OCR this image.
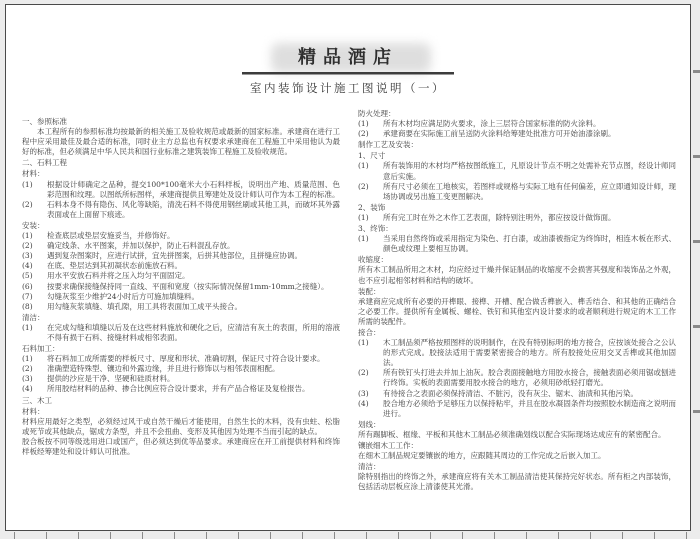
精品酒店
室内装饰设计施工图说明（一）
一、参照标准
本工程所有的参照标准均按最新的相关施工及验收规范或最新的国家标准。承建商在进行工程中应采用最佳及最合适的标准，同时业主方总监也有权要求承建商在工程施工中采用他认为最好的标准，但必须满足中华人民共和国行业标准之建筑装饰工程施工及验收规范。
二、石料工程
材料：
(1)	根据设计师确定之品种，提交100*100毫米大小石料样板，说明出产地、质量范围、色彩范围和纹理。以图纸所标图样，承建商提供且筹建处及设计师认可作为本工程的标准。
(2)	石料本身不得有隐伤、风化等缺陷，清洗石料不得使用钢丝刷或其他工具，而破坏其外露表面或在上面留下痕迹。
安装：
(1)	检查底层或垫层安施妥当，并修饰好。
(2)	确定线条、水平图案，并加以保护，防止石料混乱存放。
(3)	遇到复杂图案时，应进行试拼，宜先拼图案，后拼其他部位，且拼缝应协调。
(4)	在底、垫层达到其初凝状态前施放石料。
(5)	用水平安放石料并将之压入均匀平面固定。
(6)	按要求确保接缝保持同一直线、平面和宽度（按实际情况保留1mm-10mm之接缝）。
(7)	勾缝灰浆至少维护24小时后方可施加填缝料。
(8)	用勾缝灰浆填缝、填孔隙，用工具将表面加工成平头接合。
清洁：
(1)	在完成勾缝和填缝以后及在这些材料施放和硬化之后，应清洁有灰土的表面，所用的溶液不得有损于石料、接缝材料或相邻表面。
石料加工：
(1)	将石料加工成所需要的样板尺寸、厚度和形状、准确切割，保证尺寸符合设计要求。
(2)	准确塑造特殊型、镶边和外露边缘，并且进行修饰以与相邻表面相配。
(3)	提供的沙应是干净、坚硬和硅质材料。
(4)	所用胶结材料的品种、掺合比例应符合设计要求，并有产品合格证及复检报告。
三、木工
材料：
材料应用最好之类型，必须经过风干或自然干燥后才能使用，自然生长的木料，没有虫蛀、松脂或死节或其他缺点，锯成方条型，并且不会扭曲、变形及其他因为处理不当而引起的缺点。
胶合板按不同等级选用进口或国产，但必须达到优等品要求。承建商应在开工前提供材料和终饰样板经筹建处和设计师认可批准。
防火处理：
(1)	所有木材均应满足防火要求，涂上三层符合国家标准的防火涂料。
(2)	承建商要在实际施工前呈送防火涂料给筹建处批准方可开始油漆涂刷。
制作工艺及安装：
1、尺寸
(1)	所有装饰用的木材均严格按图纸施工，凡原设计节点不明之处需补充节点图，经设计师同意后实施。
(2)	所有尺寸必须在工地核实，若图样或规格与实际工地有任何偏差，应立即通知设计师，现场协调或另出施工变更图解决。
2、装饰
(1)	所有完工时在外之木作工艺表面，除特别注明外，都应按设计做饰面。
3、终饰：
(1)	当采用自然终饰或采用指定为染色、打白漆，或油漆被指定为终饰时，相连木板在形式、颜色或纹理上要相互协调。
收缩度：
所有木工制品所用之木材，均应经过干燥并保证制品的收缩度不会损害其强度和装饰品之外观，也不应引起相邻材料和结构的破坏。
装配：
承建商应完成所有必要的开榫眼、接榫、开槽、配合做舌榫嵌入、榫舌结合、和其他的正确结合之必要工作。提供所有金属板、螺栓、铁钉和其他室内设计要求的或者顺利进行规定的木工工作所需的装配件。
接合：
(1)	木工制品须严格按照图样的说明制作，在没有特别标明的地方接合，应按该处接合之公认的形式完成。胶接法适用于需要紧密接合的地方。所有胶接处应用交叉舌榫或其他加固法。
(2)	所有铁钉头打进去并加上油灰。胶合表面接触地方用胶水接合，接触表面必须用锯或刨进行终饰。实板的表面需要用胶水接合的地方，必须用砂纸轻打磨光。
(3)	有待接合之表面必须保持清洁、不脏污，没有灰尘、锯末、油渍和其他污染。
(4)	胶合地方必须给予足够压力以保持粘牢，并且在胶水凝固条件均按照胶水制造商之说明而进行。
划线：
所有踢脚板、框缘、平板和其他木工制品必须准确划线以配合实际现场达成应有的紧密配合。
镶嵌细木工工作：
在细木工制品规定要镶嵌的地方，应跟随其周边的工作完成之后嵌入加工。
清洁：
除特别指出的终饰之外，承建商应将有关木工制品清洁使其保持完好状态。所有柜之内部装饰，包括活动层板应涂上清漆使其光滑。
